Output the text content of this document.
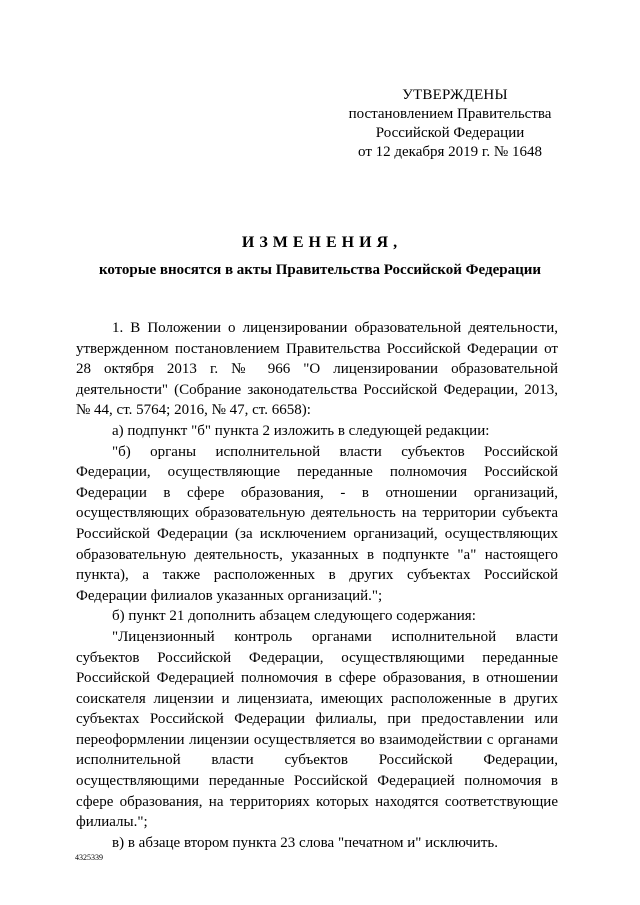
УТВЕРЖДЕНЫ
постановлением Правительства
Российской Федерации
от 12 декабря 2019 г. № 1648
ИЗМЕНЕНИЯ,
которые вносятся в акты Правительства Российской Федерации

1. В Положении о лицензировании образовательной деятельности, утвержденном постановлением Правительства Российской Федерации от 28 октября 2013 г. № 966 "О лицензировании образовательной деятельности" (Собрание законодательства Российской Федерации, 2013, № 44, ст. 5764; 2016, № 47, ст. 6658):

а) подпункт "б" пункта 2 изложить в следующей редакции:

"б) органы исполнительной власти субъектов Российской Федерации, осуществляющие переданные полномочия Российской Федерации в сфере образования, - в отношении организаций, осуществляющих образовательную деятельность на территории субъекта Российской Федерации (за исключением организаций, осуществляющих образовательную деятельность, указанных в подпункте "а" настоящего пункта), а также расположенных в других субъектах Российской Федерации филиалов указанных организаций.";

б) пункт 21 дополнить абзацем следующего содержания:

"Лицензионный контроль органами исполнительной власти субъектов Российской Федерации, осуществляющими переданные Российской Федерацией полномочия в сфере образования, в отношении соискателя лицензии и лицензиата, имеющих расположенные в других субъектах Российской Федерации филиалы, при предоставлении или переоформлении лицензии осуществляется во взаимодействии с органами исполнительной власти субъектов Российской Федерации, осуществляющими переданные Российской Федерацией полномочия в сфере образования, на территориях которых находятся соответствующие филиалы.";

в) в абзаце втором пункта 23 слова "печатном и" исключить.

4325339
